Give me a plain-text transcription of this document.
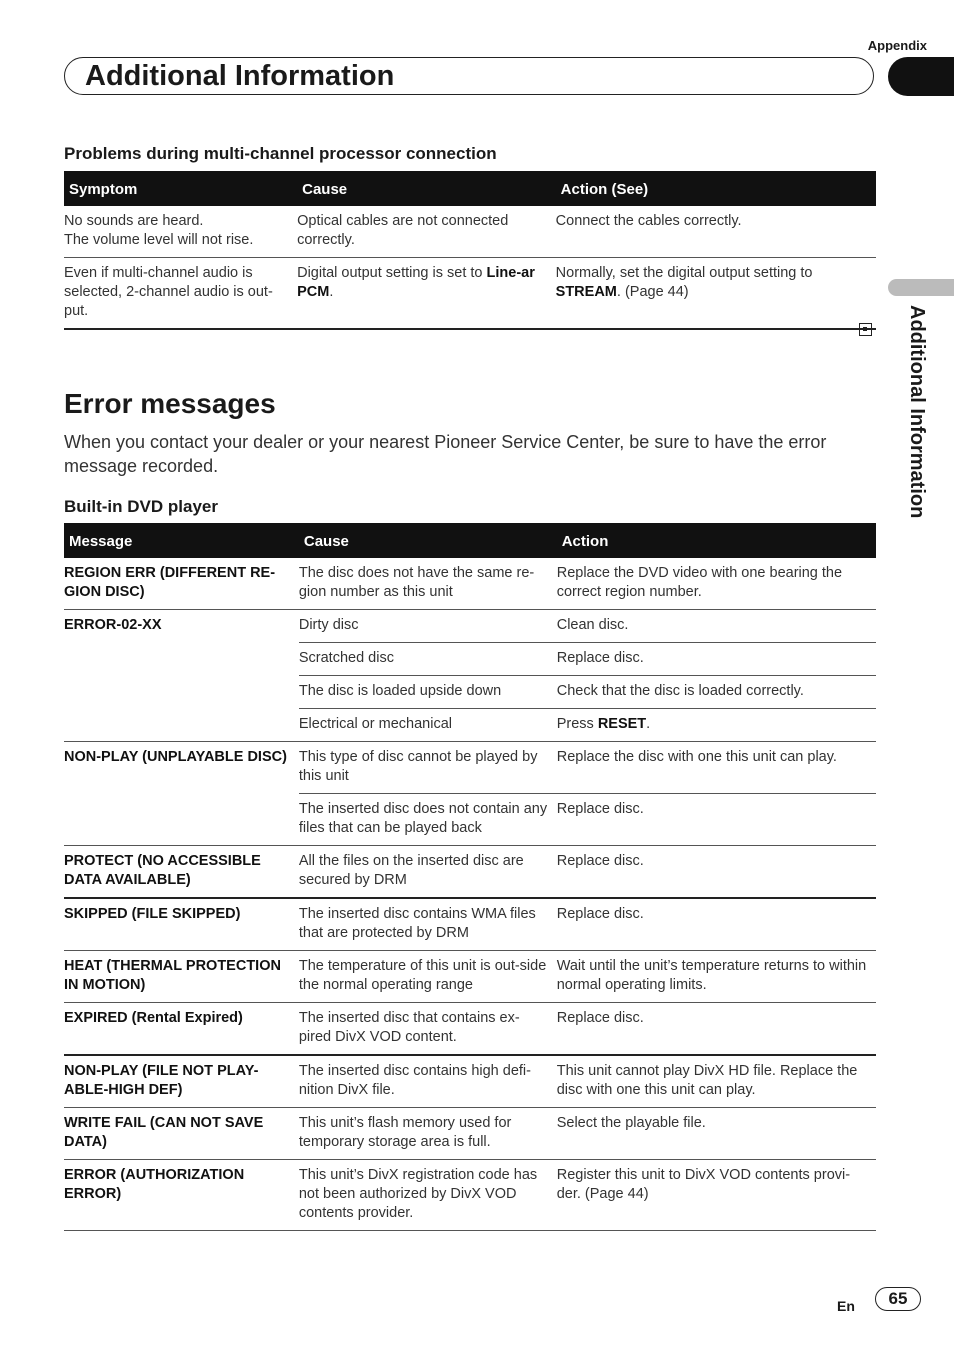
Appendix
Additional Information
Additional Information
Problems during multi-channel processor connection
Symptom	Cause	Action (See)

No sounds are heard.
The volume level will not rise.	Optical cables are not connected correctly.	Connect the cables correctly.
Even if multi-channel audio is selected, 2-channel audio is out-put.	Digital output setting is set to Line-ar PCM.	Normally, set the digital output setting to STREAM. (Page 44)
Error messages
When you contact your dealer or your nearest Pioneer Service Center, be sure to have the error message recorded.
Built-in DVD player
Message	Cause	Action
REGION ERR (DIFFERENT RE-GION DISC)	The disc does not have the same re-gion number as this unit	Replace the DVD video with one bearing the correct region number.
ERROR-02-XX	Dirty disc	Clean disc.
	Scratched disc	Replace disc.
	The disc is loaded upside down	Check that the disc is loaded correctly.
	Electrical or mechanical	Press RESET.
NON-PLAY (UNPLAYABLE DISC)	This type of disc cannot be played by this unit	Replace the disc with one this unit can play.
	The inserted disc does not contain any files that can be played back	Replace disc.
PROTECT (NO ACCESSIBLE DATA AVAILABLE)	All the files on the inserted disc are secured by DRM	Replace disc.
SKIPPED (FILE SKIPPED)	The inserted disc contains WMA files that are protected by DRM	Replace disc.
HEAT (THERMAL PROTECTION IN MOTION)	The temperature of this unit is out-side the normal operating range	Wait until the unit’s temperature returns to within normal operating limits.
EXPIRED (Rental Expired)	The inserted disc that contains ex-pired DivX VOD content.	Replace disc.
NON-PLAY (FILE NOT PLAY-ABLE-HIGH DEF)	The inserted disc contains high defi-nition DivX file.	This unit cannot play DivX HD file. Replace the disc with one this unit can play.
WRITE FAIL (CAN NOT SAVE DATA)	This unit’s flash memory used for temporary storage area is full.	Select the playable file.
ERROR (AUTHORIZATION ERROR)	This unit’s DivX registration code has not been authorized by DivX VOD contents provider.	Register this unit to DivX VOD contents provi-der. (Page 44)
En	65
